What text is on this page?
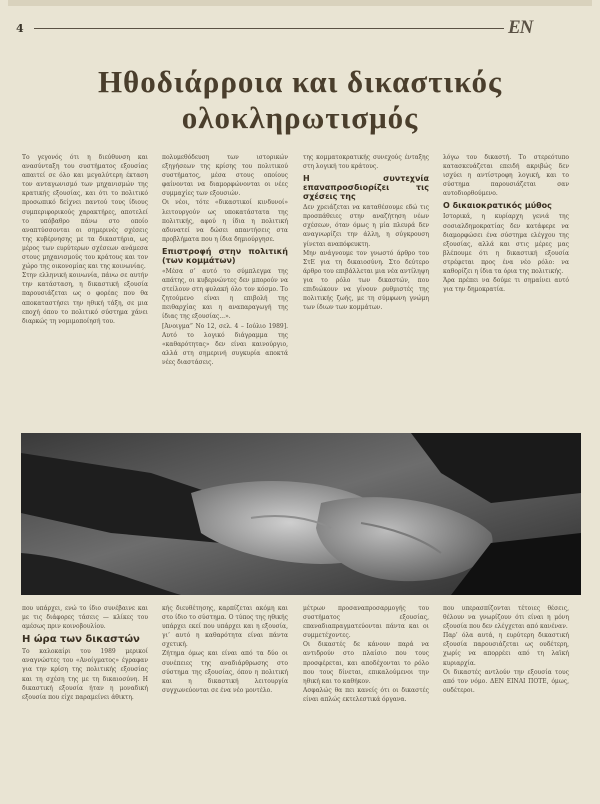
4	EN
Ηθοδιάρροια και δικαστικός
ολοκληρωτισμός

Το γεγονός ότι η διεύθυνση και ανασύνταξη του συστήματος εξουσίας απαιτεί σε όλο και μεγαλύτερη έκταση τον ανταγωνισμό των μηχανισμών της κρατικής εξουσίας, και ότι το πολιτικό προσωπικό δείχνει παντού τους ίδιους συμπεριφορικούς χαρακτήρες, αποτελεί το υπόβαθρο πάνω στο οποίο αναπτύσσονται οι σημερινές σχέσεις της κυβέρνησης με τα δικαστήρια, ως μέρος των ευρύτερων σχέσεων ανάμεσα στους μηχανισμούς του κράτους και τον χώρο της οικονομίας και της κοινωνίας.

Στην ελληνική κοινωνία, πάνω σε αυτήν την κατάσταση, η δικαστική εξουσία παρουσιάζεται ως ο φορέας που θα αποκαταστήσει την ηθική τάξη, σε μια εποχή όπου το πολιτικό σύστημα χάνει διαρκώς τη νομιμοποίησή του.

πολυμεθόδευση των ιστορικών εξηγήσεων της κρίσης του πολιτικού συστήματος, μέσα στους οποίους φαίνονται να διαμορφώνονται οι νέες συμμαχίες των εξουσιών.

Οι νέοι, τότε «δικαστικοί κινδυνοί» λειτουργούν ως υποκατάστατα της πολιτικής, αφού η ίδια η πολιτική αδυνατεί να δώσει απαντήσεις στα προβλήματα που η ίδια δημιούργησε.

Επιστροφή στην πολιτική (των κομμάτων)

«Μέσα σ’ αυτό το σύμπλεγμα της απάτης, οι κυβερνώντες δεν μπορούν να στείλουν στη φυλακή όλο τον κόσμο. Το ζητούμενο είναι η επιβολή της πειθαρχίας και η αναπαραγωγή της ίδιας της εξουσίας...».

[Άνοιγμα” Νο 12, σελ. 4 – Ιούλιο 1989]. Αυτό το λογικό διάγραμμα της «καθαρότητας» δεν είναι καινούργιο, αλλά στη σημερινή συγκυρία αποκτά νέες διαστάσεις.

της κομματοκρατικής συνεχούς ένταξης στη λογική του κράτους.

Η συντεχνία επαναπροσδιορίζει τις σχέσεις της

Δεν χρειάζεται να καταθέσουμε εδώ τις προσπάθειες στην αναζήτηση νέων σχέσεων, όταν όμως η μία πλευρά δεν αναγνωρίζει την άλλη, η σύγκρουση γίνεται αναπόφευκτη.

Μην ανάγνουμε τον γνωστό άρθρο του ΣτΕ για τη δικαιοσύνη. Στο δεύτερο άρθρο του επιβάλλεται μια νέα αντίληψη για το ρόλο των δικαστών, που επιδιώκουν να γίνουν ρυθμιστές της πολιτικής ζωής, με τη σύμφωνη γνώμη των ίδιων των κομμάτων.

λόγω του δικαστή. Το στερεότυπο κατασκευάζεται επειδή ακριβώς δεν ισχύει η αντίστροφη λογική, και το σύστημα παρουσιάζεται σαν αυτοδιορθούμενο.

Ο δικαιοκρατικός μύθος

Ιστορικά, η κυρίαρχη γενιά της σοσιαλδημοκρατίας δεν κατάφερε να διαμορφώσει ένα σύστημα ελέγχου της εξουσίας, αλλά και στις μέρες μας βλέπουμε ότι η δικαστική εξουσία στρέφεται προς ένα νέο ρόλο: να καθορίζει η ίδια τα όρια της πολιτικής.

Άρα πρέπει να δούμε τι σημαίνει αυτό για την δημοκρατία.

που υπάρχει, ενώ το ίδιο συνέβαινε και με τις διάφορες τάσεις — κλίκες του αμέσως πριν κοινοβουλίου.

Η ώρα των δικαστών

Το καλοκαίρι του 1989 μερικοί αναγνώστες του «Ανοίγματος» έγραφαν για την κρίση της πολιτικής εξουσίας και τη σχέση της με τη δικαιοσύνη. Η δικαστική εξουσία ήταν η μοναδική εξουσία που είχε παραμείνει άθικτη.

κής διευθέτησης, καρπίζεται ακόμη και στο ίδιο το σύστημα. Ο τύπος της ηθικής υπάρχει εκεί που υπάρχει και η εξουσία, γι’ αυτό η καθαρότητα είναι πάντα σχετική.

Ζήτημα όμως και είναι από τα δύο οι συνέπειες της αναδιάρθρωσης στο σύστημα της εξουσίας, όπου η πολιτική και η δικαστική λειτουργία συγχωνεύονται σε ένα νέο μοντέλο.

μέτρων προσαναπροσαρμογής του συστήματος εξουσίας, επαναδιαπραγματεύονται πάντα και οι συμμετέχοντες.

Οι δικαστές δε κάνουν παρά να αντιδρούν στο πλαίσιο που τους προσφέρεται, και αποδέχονται το ρόλο που τους δίνεται, επικαλούμενοι την ηθική και το καθήκον.

Ασφαλώς θα πει κανείς ότι οι δικαστές είναι απλώς εκτελεστικά όργανα.

που υπερασπίζονται τέτοιες θέσεις, θέλουν να γνωρίζουν ότι είναι η μόνη εξουσία που δεν ελέγχεται από κανέναν.

Παρ’ όλα αυτά, η ευρύτερη δικαστική εξουσία παρουσιάζεται ως ουδέτερη, χωρίς να απορρέει από τη λαϊκή κυριαρχία.

Οι δικαστές αντλούν την εξουσία τους από τον νόμο. ΔΕΝ ΕΙΝΑΙ ΠΟΤΕ, όμως, ουδέτεροι.
